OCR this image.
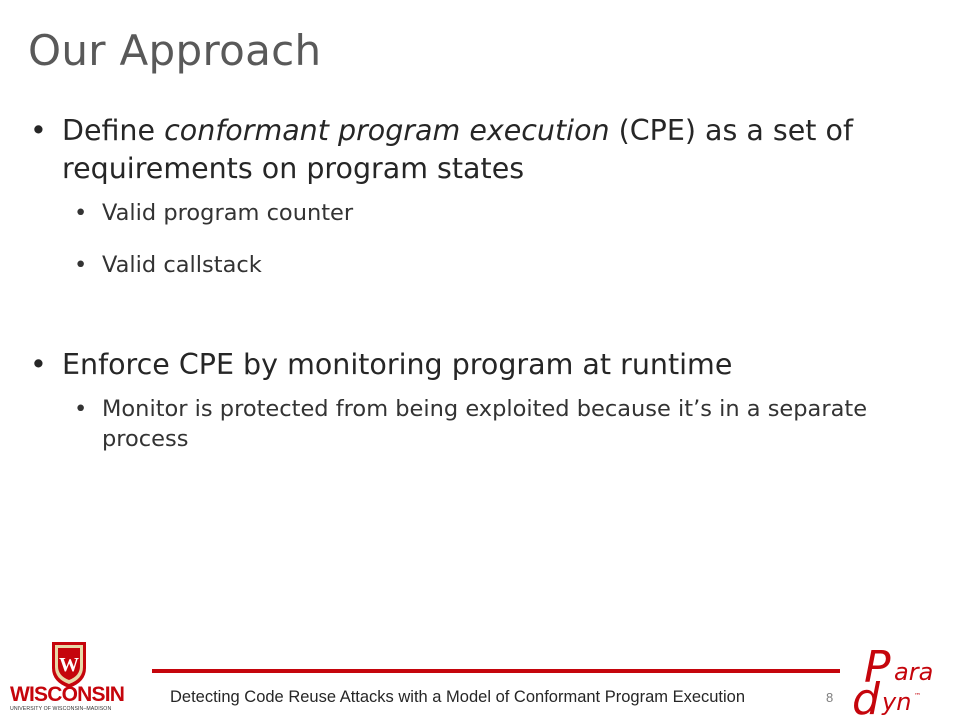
Our Approach
• Define conformant program execution (CPE) as a set of requirements on program states
• Valid program counter
• Valid callstack
• Enforce CPE by monitoring program at runtime
• Monitor is protected from being exploited because it’s in a separate process
W
WISCONSIN
UNIVERSITY OF WISCONSIN–MADISON
Detecting Code Reuse Attacks with a Model of Conformant Program Execution	8
P ara
d yn ™
